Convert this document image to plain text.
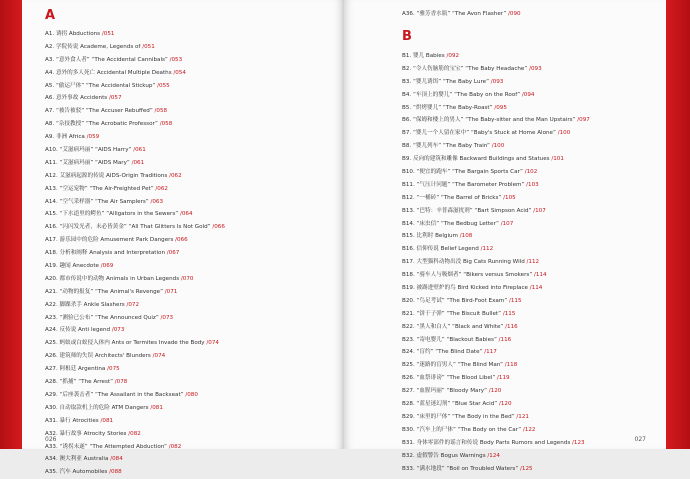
A
A1. 诱拐 Abductions /051
A2. 学院传说 Academe, Legends of /051
A3. “意外食人者” “The Accidental Cannibals” /053
A4. 意外的多人死亡 Accidental Multiple Deaths /054
A5. “偷运尸体” “The Accidental Stickup” /055
A6. 意外事故 Accidents /057
A7. “被告被驳” “The Accuser Rebuffed” /058
A8. “杂技教授” “The Acrobatic Professor” /058
A9. 非洲 Africa /059
A10. “艾滋病玛丽” “AIDS Harry” /061
A11. “艾滋病玛丽” “AIDS Mary” /061
A12. 艾滋病起源的传说 AIDS-Origin Traditions /062
A13. “空运宠物” “The Air-Freighted Pet” /062
A14. “空气采样器” “The Air Samplers” /063
A15. “下水道里的鳄鱼” “Alligators in the Sewers” /064
A16. “闪闪发光者，未必皆黄金” “All That Glitters Is Not Gold” /066
A17. 游乐园中的危险 Amusement Park Dangers /066
A18. 分析和阐释 Analysis and Interpretation /067
A19. 趣闻 Anecdote /069
A20. 都市传说中的动物 Animals in Urban Legends /070
A21. “动物的报复” “The Animal's Revenge” /071
A22. 脚踝杀手 Ankle Slashers /072
A23. “测验已公布” “The Announced Quiz” /073
A24. 反传说 Anti legend /073
A25. 蚂蚁或白蚁侵入体内 Ants or Termites Invade the Body /074
A26. 建筑师的失误 Architects' Blunders /074
A27. 阿根廷 Argentina /075
A28. “抓捕” “The Arrest” /078
A29. “后座袭击者” “The Assailant in the Backseat” /080
A30. 自动取款机上的危险 ATM Dangers /081
A31. 暴行 Atrocities /081
A32. 暴行故事 Atrocity Stories /082
A33. “诱拐未遂” “The Attempted Abduction” /082
A34. 澳大利亚 Australia /084
A35. 汽车 Automobiles /088
026
A36. “雅芳香水瓶” “The Avon Flasher” /090
B
B1. 婴儿 Babies /092
B2. “令人伤脑筋的宝宝” “The Baby Headache” /093
B3. “婴儿诱饵” “The Baby Lure” /093
B4. “车顶上的婴儿” “The Baby on the Roof” /094
B5. “烘烤婴儿” “The Baby-Roast” /095
B6. “保姆和楼上的男人” “The Baby-sitter and the Man Upstairs” /097
B7. “婴儿一个人留在家中” “Baby's Stuck at Home Alone” /100
B8. “婴儿列车” “The Baby Train” /100
B9. 反向的建筑和雕像 Backward Buildings and Statues /101
B10. “便宜的跑车” “The Bargain Sports Car” /102
B11. “气压计问题” “The Barometer Problem” /103
B12. “一桶砖” “The Barrel of Bricks” /105
B13. “巴特：辛普森滋扰剂” “Bart Simpson Acid” /107
B14. “床虫信” “The Bedbug Letter” /107
B15. 比利时 Belgium /108
B16. 信仰传说 Belief Legend /112
B17. 大型猫科动物出没 Big Cats Running Wild /112
B18. “骑车人与吸烟者” “Bikers versus Smokers” /114
B19. 被踢进壁炉的鸟 Bird Kicked into Fireplace /114
B20. “鸟足考试” “The Bird-Foot Exam” /115
B21. “饼干子弹” “The Biscuit Bullet” /115
B22. “黑人和白人” “Black and White” /116
B23. “寄电婴儿” “Blackout Babies” /116
B24. “盲约” “The Blind Date” /117
B25. “迷路的盲男人” “The Blind Man” /118
B26. “血祭诽谤” “The Blood Libel” /119
B27. “血腥玛丽” “Bloody Mary” /120
B28. “蓝星迷幻剂” “Blue Star Acid” /120
B29. “床里的尸体” “The Body in the Bed” /121
B30. “汽车上的尸体” “The Body on the Car” /122
B31. 身体零部件的谣言和传说 Body Parts Rumors and Legends /123
B32. 虚假警告 Bogus Warnings /124
B33. “满水地段” “Boil on Troubled Waters” /125
027
